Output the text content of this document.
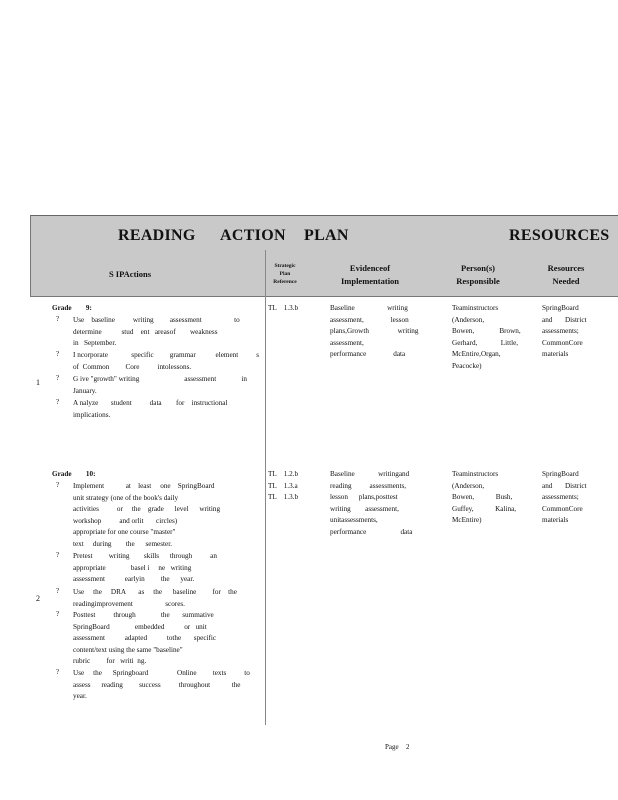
READING ACTION PLAN	RESOURCES
S IPActions
Strategic
Plan
Reference
Evidenceof
Implementation
Person(s)
Responsible
Resources
Needed
1
Grade        9:
? Use    baseline          writing         assessment                  to
determine           stud    ent   areasof        weakness
in   September.
? I ncorporate             specific         grammar           element          s
of  Common         Core          intolessons.
? G ive "growth" writing                         assessment              in
January.
? A nalyze       student          data        for    instructional
implications.
TL    1.3.b	Baseline                  writing
assessment,               lesson
plans,Growth                writing
assessment,
performance               data
Teaminstructors
(Anderson,
Bowen,              Brown,
Gerhard,             Little,
McEntire,Organ,
Peacocke)
SpringBoard
and       District
assessments;
CommonCore
materials
2
Grade        10:
? Implement            at    least     one    SpringBoard
unit strategy (one of the book's daily
activities          or     the    grade      level      writing
workshop          and orlit       circles)
appropriate for one course "master"
text     during        the      semester.
? Pretest         writing        skills      through          an
appropriate              basel i     ne   writing
assessment           earlyin         the      year.
? Use     the     DRA       as     the      baseline         for    the
readingimprovement                  scores.
? Posttest          through              the       summative
SpringBoard              embedded           or   unit
assessment           adapted           tothe       specific
content/text using the same "baseline"
rubric         for   writi  ng.
? Use     the      Springboard                Online         texts          to
assess      reading         success          throughout            the
year.
TL    1.2.b
TL    1.3.a
TL    1.3.b
Baseline             writingand
reading          assessments,
lesson      plans,posttest
writing        assessment,
unitassessments,
performance                   data
Teaminstructors
(Anderson,
Bowen,            Bush,
Guffey,            Kalina,
McEntire)
SpringBoard
and       District
assessments;
CommonCore
materials
Page 2
